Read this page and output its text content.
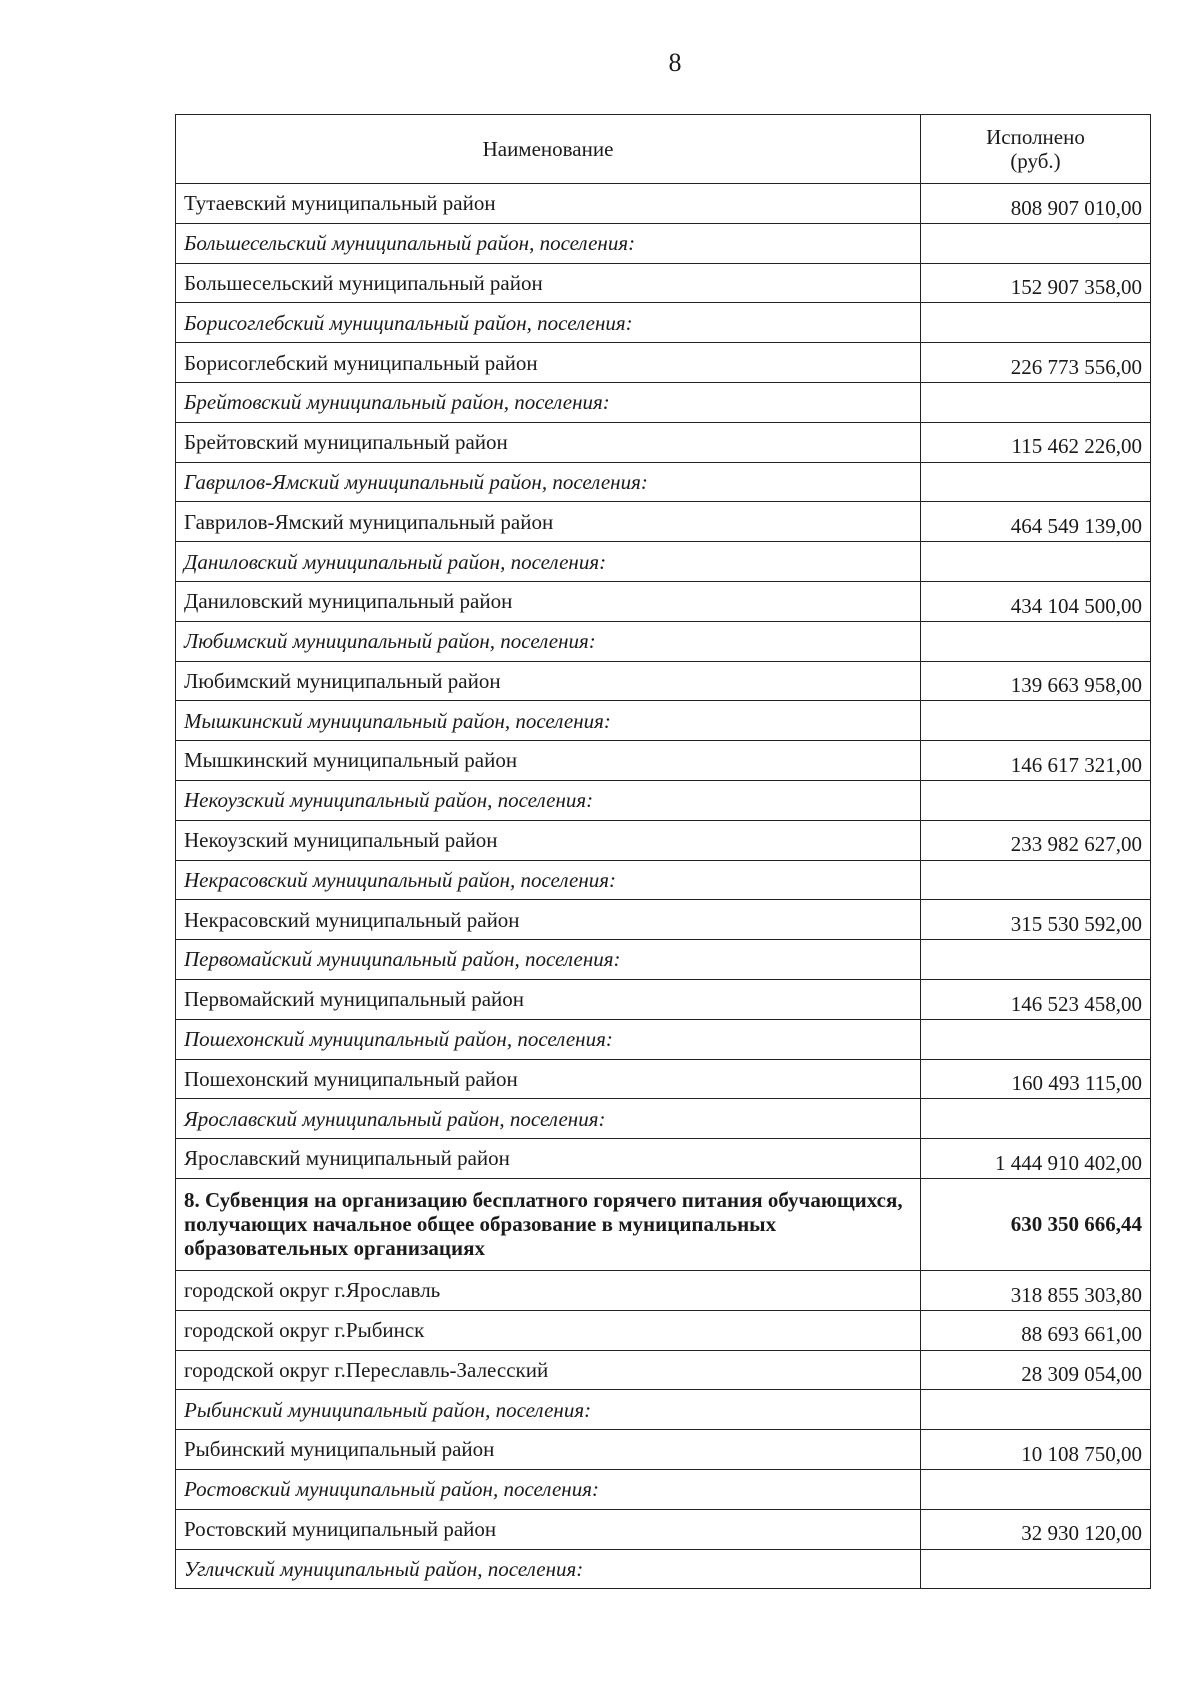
8
Наименование	Исполнено
(руб.)

Тутаевский муниципальный район	808 907 010,00
Большесельский муниципальный район, поселения:	
Большесельский муниципальный район	152 907 358,00
Борисоглебский муниципальный район, поселения:	
Борисоглебский муниципальный район	226 773 556,00
Брейтовский муниципальный район, поселения:	
Брейтовский муниципальный район	115 462 226,00
Гаврилов-Ямский муниципальный район, поселения:	
Гаврилов-Ямский муниципальный район	464 549 139,00
Даниловский муниципальный район, поселения:	
Даниловский муниципальный район	434 104 500,00
Любимский муниципальный район, поселения:	
Любимский муниципальный район	139 663 958,00
Мышкинский муниципальный район, поселения:	
Мышкинский муниципальный район	146 617 321,00
Некоузский муниципальный район, поселения:	
Некоузский муниципальный район	233 982 627,00
Некрасовский муниципальный район, поселения:	
Некрасовский муниципальный район	315 530 592,00
Первомайский муниципальный район, поселения:	
Первомайский муниципальный район	146 523 458,00
Пошехонский муниципальный район, поселения:	
Пошехонский муниципальный район	160 493 115,00
Ярославский муниципальный район, поселения:	
Ярославский муниципальный район	1 444 910 402,00
8. Субвенция на организацию бесплатного горячего питания обучающихся, получающих начальное общее образование в муниципальных образовательных организациях	630 350 666,44
городской округ г.Ярославль	318 855 303,80
городской округ г.Рыбинск	88 693 661,00
городской округ г.Переславль-Залесский	28 309 054,00
Рыбинский муниципальный район, поселения:	
Рыбинский муниципальный район	10 108 750,00
Ростовский муниципальный район, поселения:	
Ростовский муниципальный район	32 930 120,00
Угличский муниципальный район, поселения:	
